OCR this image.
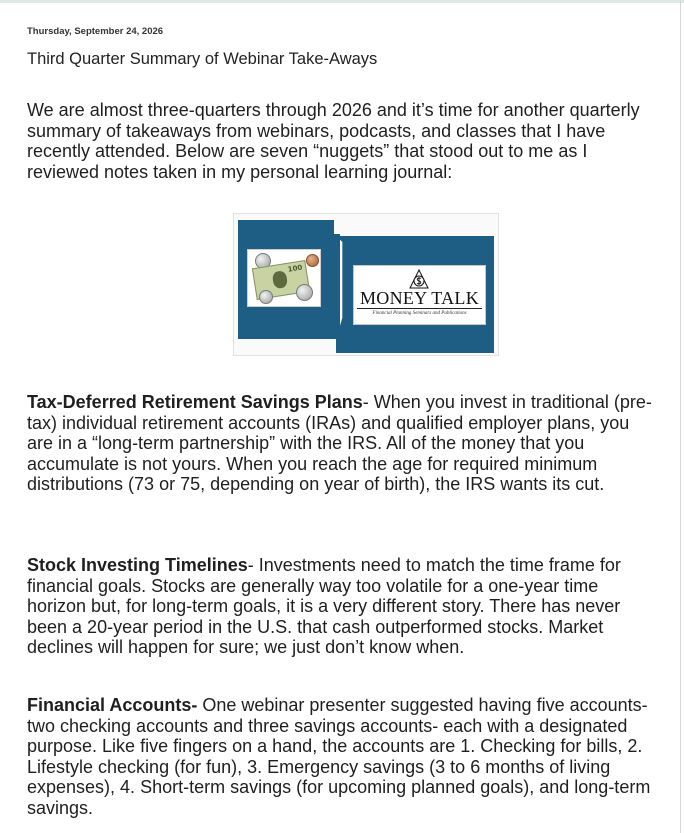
Thursday, September 24, 2026
Third Quarter Summary of Webinar Take-Aways

We are almost three-quarters through 2026 and it’s time for another quarterly summary of takeaways from webinars, podcasts, and classes that I have recently attended. Below are seven “nuggets” that stood out to me as I reviewed notes taken in my personal learning journal:

100
MONEY TALK
Financial Planning Seminars and Publications

Tax-Deferred Retirement Savings Plans- When you invest in traditional (pre-tax) individual retirement accounts (IRAs) and qualified employer plans, you are in a “long-term partnership” with the IRS. All of the money that you accumulate is not yours. When you reach the age for required minimum distributions (73 or 75, depending on year of birth), the IRS wants its cut.

Stock Investing Timelines- Investments need to match the time frame for financial goals. Stocks are generally way too volatile for a one-year time horizon but, for long-term goals, it is a very different story. There has never been a 20-year period in the U.S. that cash outperformed stocks. Market declines will happen for sure; we just don’t know when.

Financial Accounts- One webinar presenter suggested having five accounts- two checking accounts and three savings accounts- each with a designated purpose. Like five fingers on a hand, the accounts are 1. Checking for bills, 2. Lifestyle checking (for fun), 3. Emergency savings (3 to 6 months of living expenses), 4. Short-term savings (for upcoming planned goals), and long-term savings.
